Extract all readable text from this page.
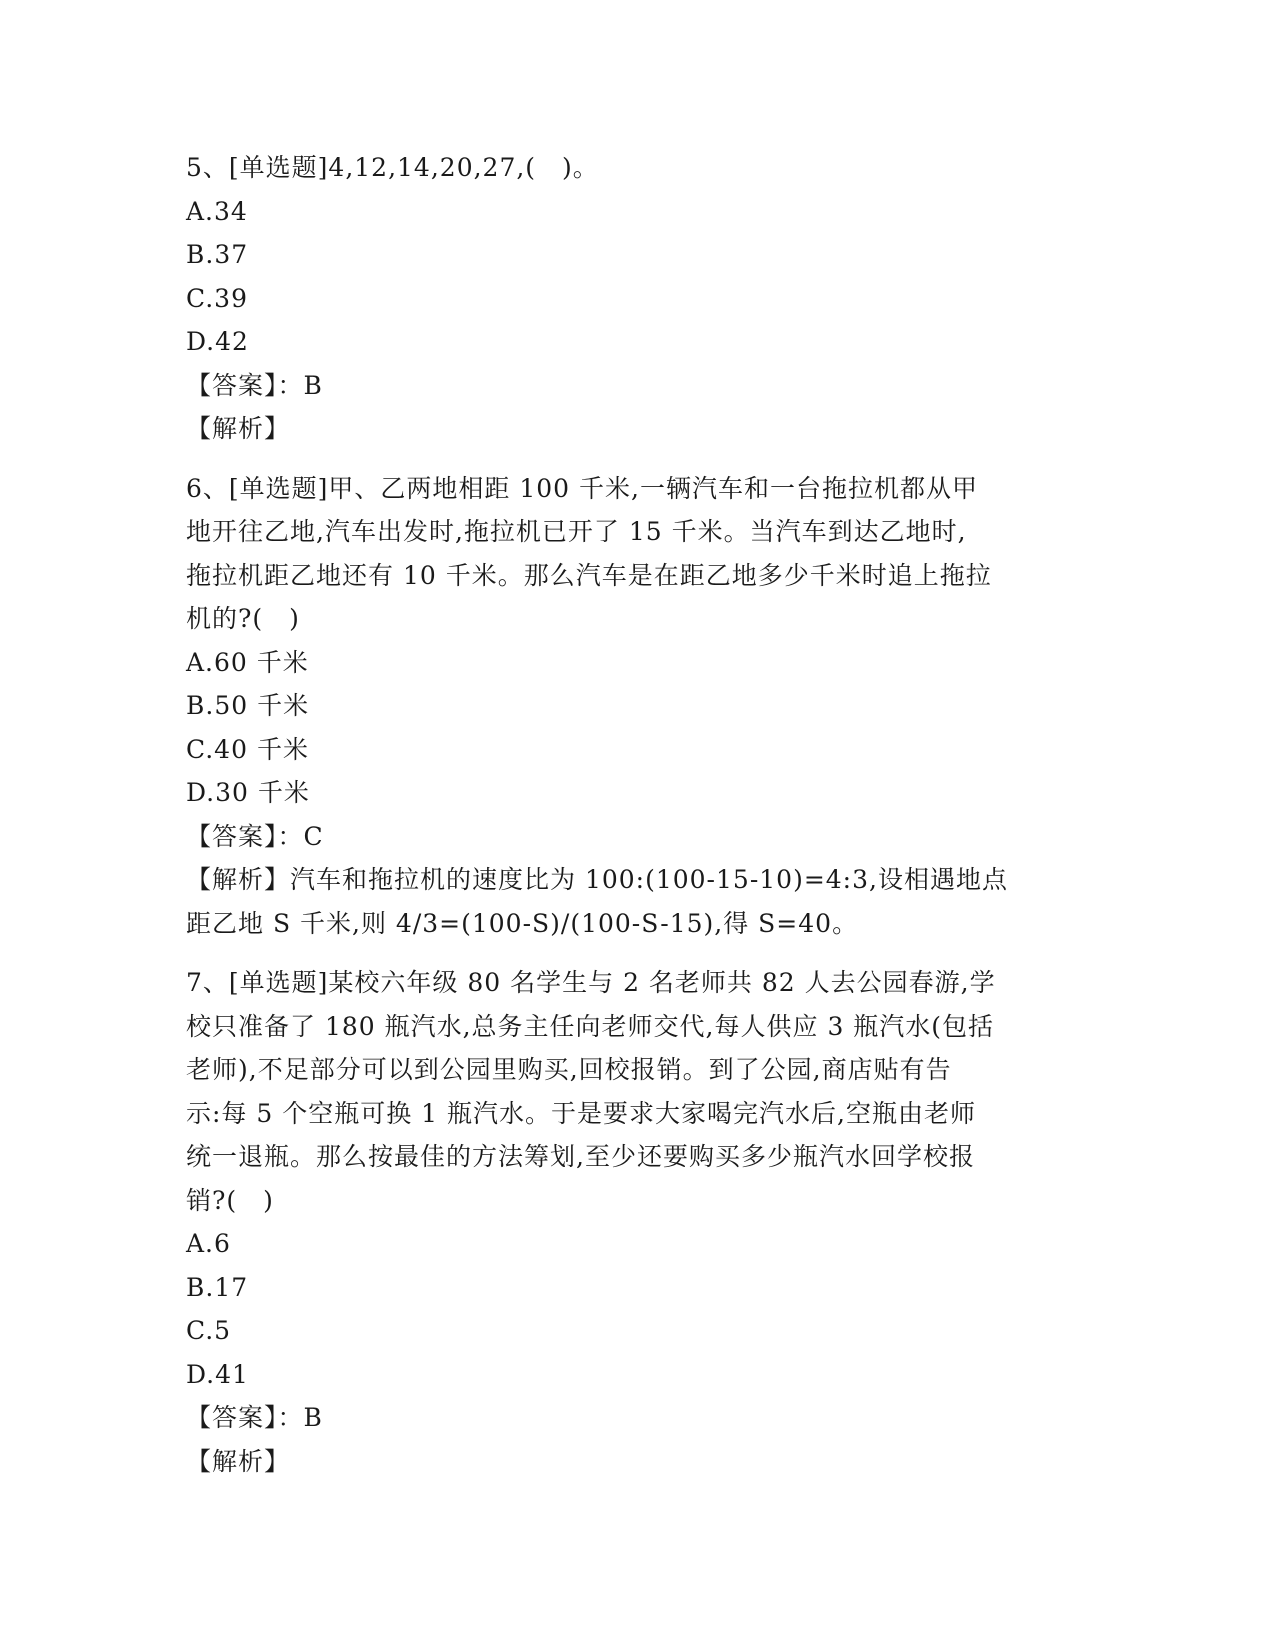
5、[单选题]4,12,14,20,27,(　)。
A.34
B.37
C.39
D.42
【答案】：B
【解析】
6、[单选题]甲、乙两地相距 100 千米,一辆汽车和一台拖拉机都从甲
地开往乙地,汽车出发时,拖拉机已开了 15 千米。当汽车到达乙地时,
拖拉机距乙地还有 10 千米。那么汽车是在距乙地多少千米时追上拖拉
机的?(　)
A.60 千米
B.50 千米
C.40 千米
D.30 千米
【答案】：C
【解析】汽车和拖拉机的速度比为 100:(100-15-10)=4:3,设相遇地点
距乙地 S 千米,则 4/3=(100-S)/(100-S-15),得 S=40。
7、[单选题]某校六年级 80 名学生与 2 名老师共 82 人去公园春游,学
校只准备了 180 瓶汽水,总务主任向老师交代,每人供应 3 瓶汽水(包括
老师),不足部分可以到公园里购买,回校报销。到了公园,商店贴有告
示:每 5 个空瓶可换 1 瓶汽水。于是要求大家喝完汽水后,空瓶由老师
统一退瓶。那么按最佳的方法筹划,至少还要购买多少瓶汽水回学校报
销?(　)
A.6
B.17
C.5
D.41
【答案】：B
【解析】
